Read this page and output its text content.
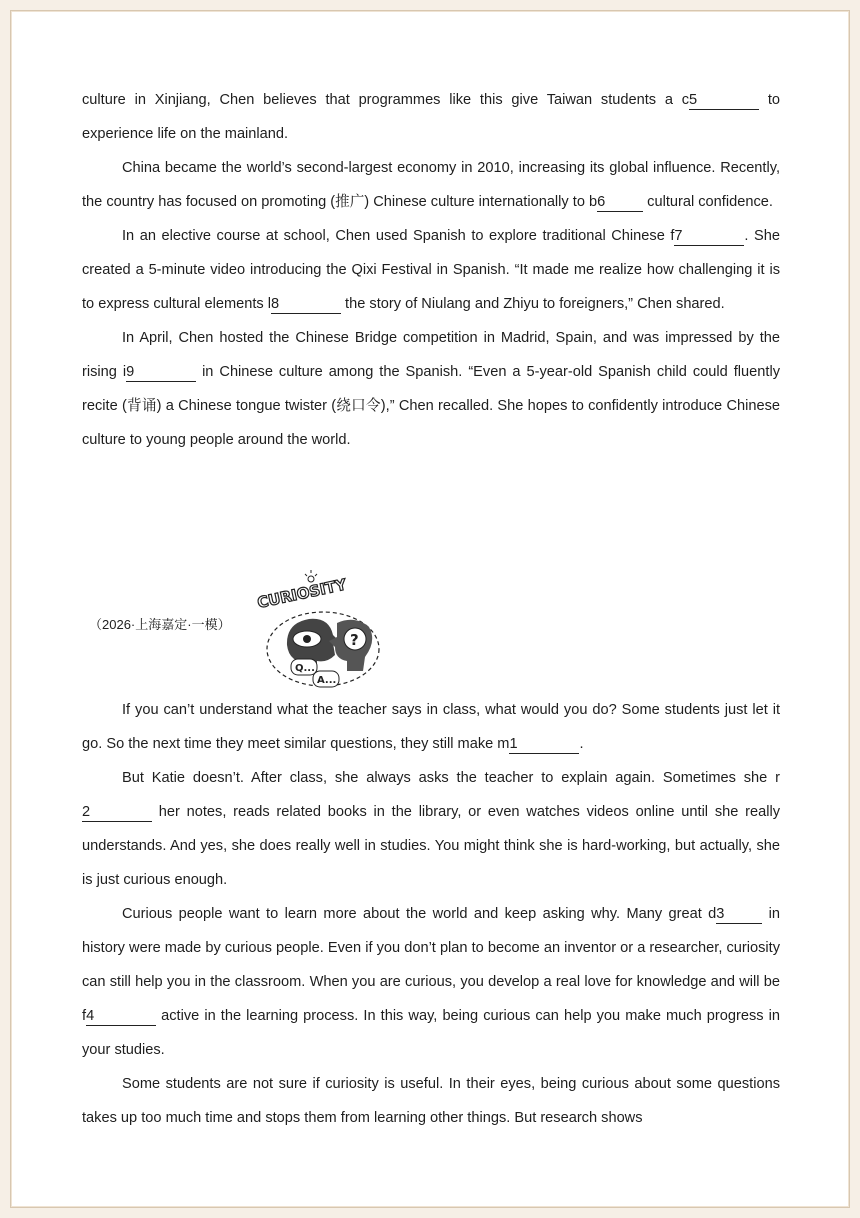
culture in Xinjiang, Chen believes that programmes like this give Taiwan students a c5	to experience life on the mainland.

China became the world’s second-largest economy in 2010, increasing its global influence. Recently, the country has focused on promoting (推广) Chinese culture internationally to b6	cultural confidence.

In an elective course at school, Chen used Spanish to explore traditional Chinese f7	. She created a 5-minute video introducing the Qixi Festival in Spanish. “It made me realize how challenging it is to express cultural elements l8	the story of Niulang and Zhiyu to foreigners,” Chen shared.

In April, Chen hosted the Chinese Bridge competition in Madrid, Spain, and was impressed by the rising i9	in Chinese culture among the Spanish. “Even a 5-year-old Spanish child could fluently recite (背诵) a Chinese tongue twister (绕口令),” Chen recalled. She hopes to confidently introduce Chinese culture to young people around the world.

（2026·上海嘉定·一模）
CURIOSITY
?
Q...
A...

If you can’t understand what the teacher says in class, what would you do? Some students just let it go. So the next time they meet similar questions, they still make m1	.

But Katie doesn’t. After class, she always asks the teacher to explain again. Sometimes she r2	her notes, reads related books in the library, or even watches videos online until she really understands. And yes, she does really well in studies. You might think she is hard-working, but actually, she is just curious enough.

Curious people want to learn more about the world and keep asking why. Many great d3	in history were made by curious people. Even if you don’t plan to become an inventor or a researcher, curiosity can still help you in the classroom. When you are curious, you develop a real love for knowledge and will be f4	active in the learning process. In this way, being curious can help you make much progress in your studies.

Some students are not sure if curiosity is useful. In their eyes, being curious about some questions takes up too much time and stops them from learning other things. But research shows
